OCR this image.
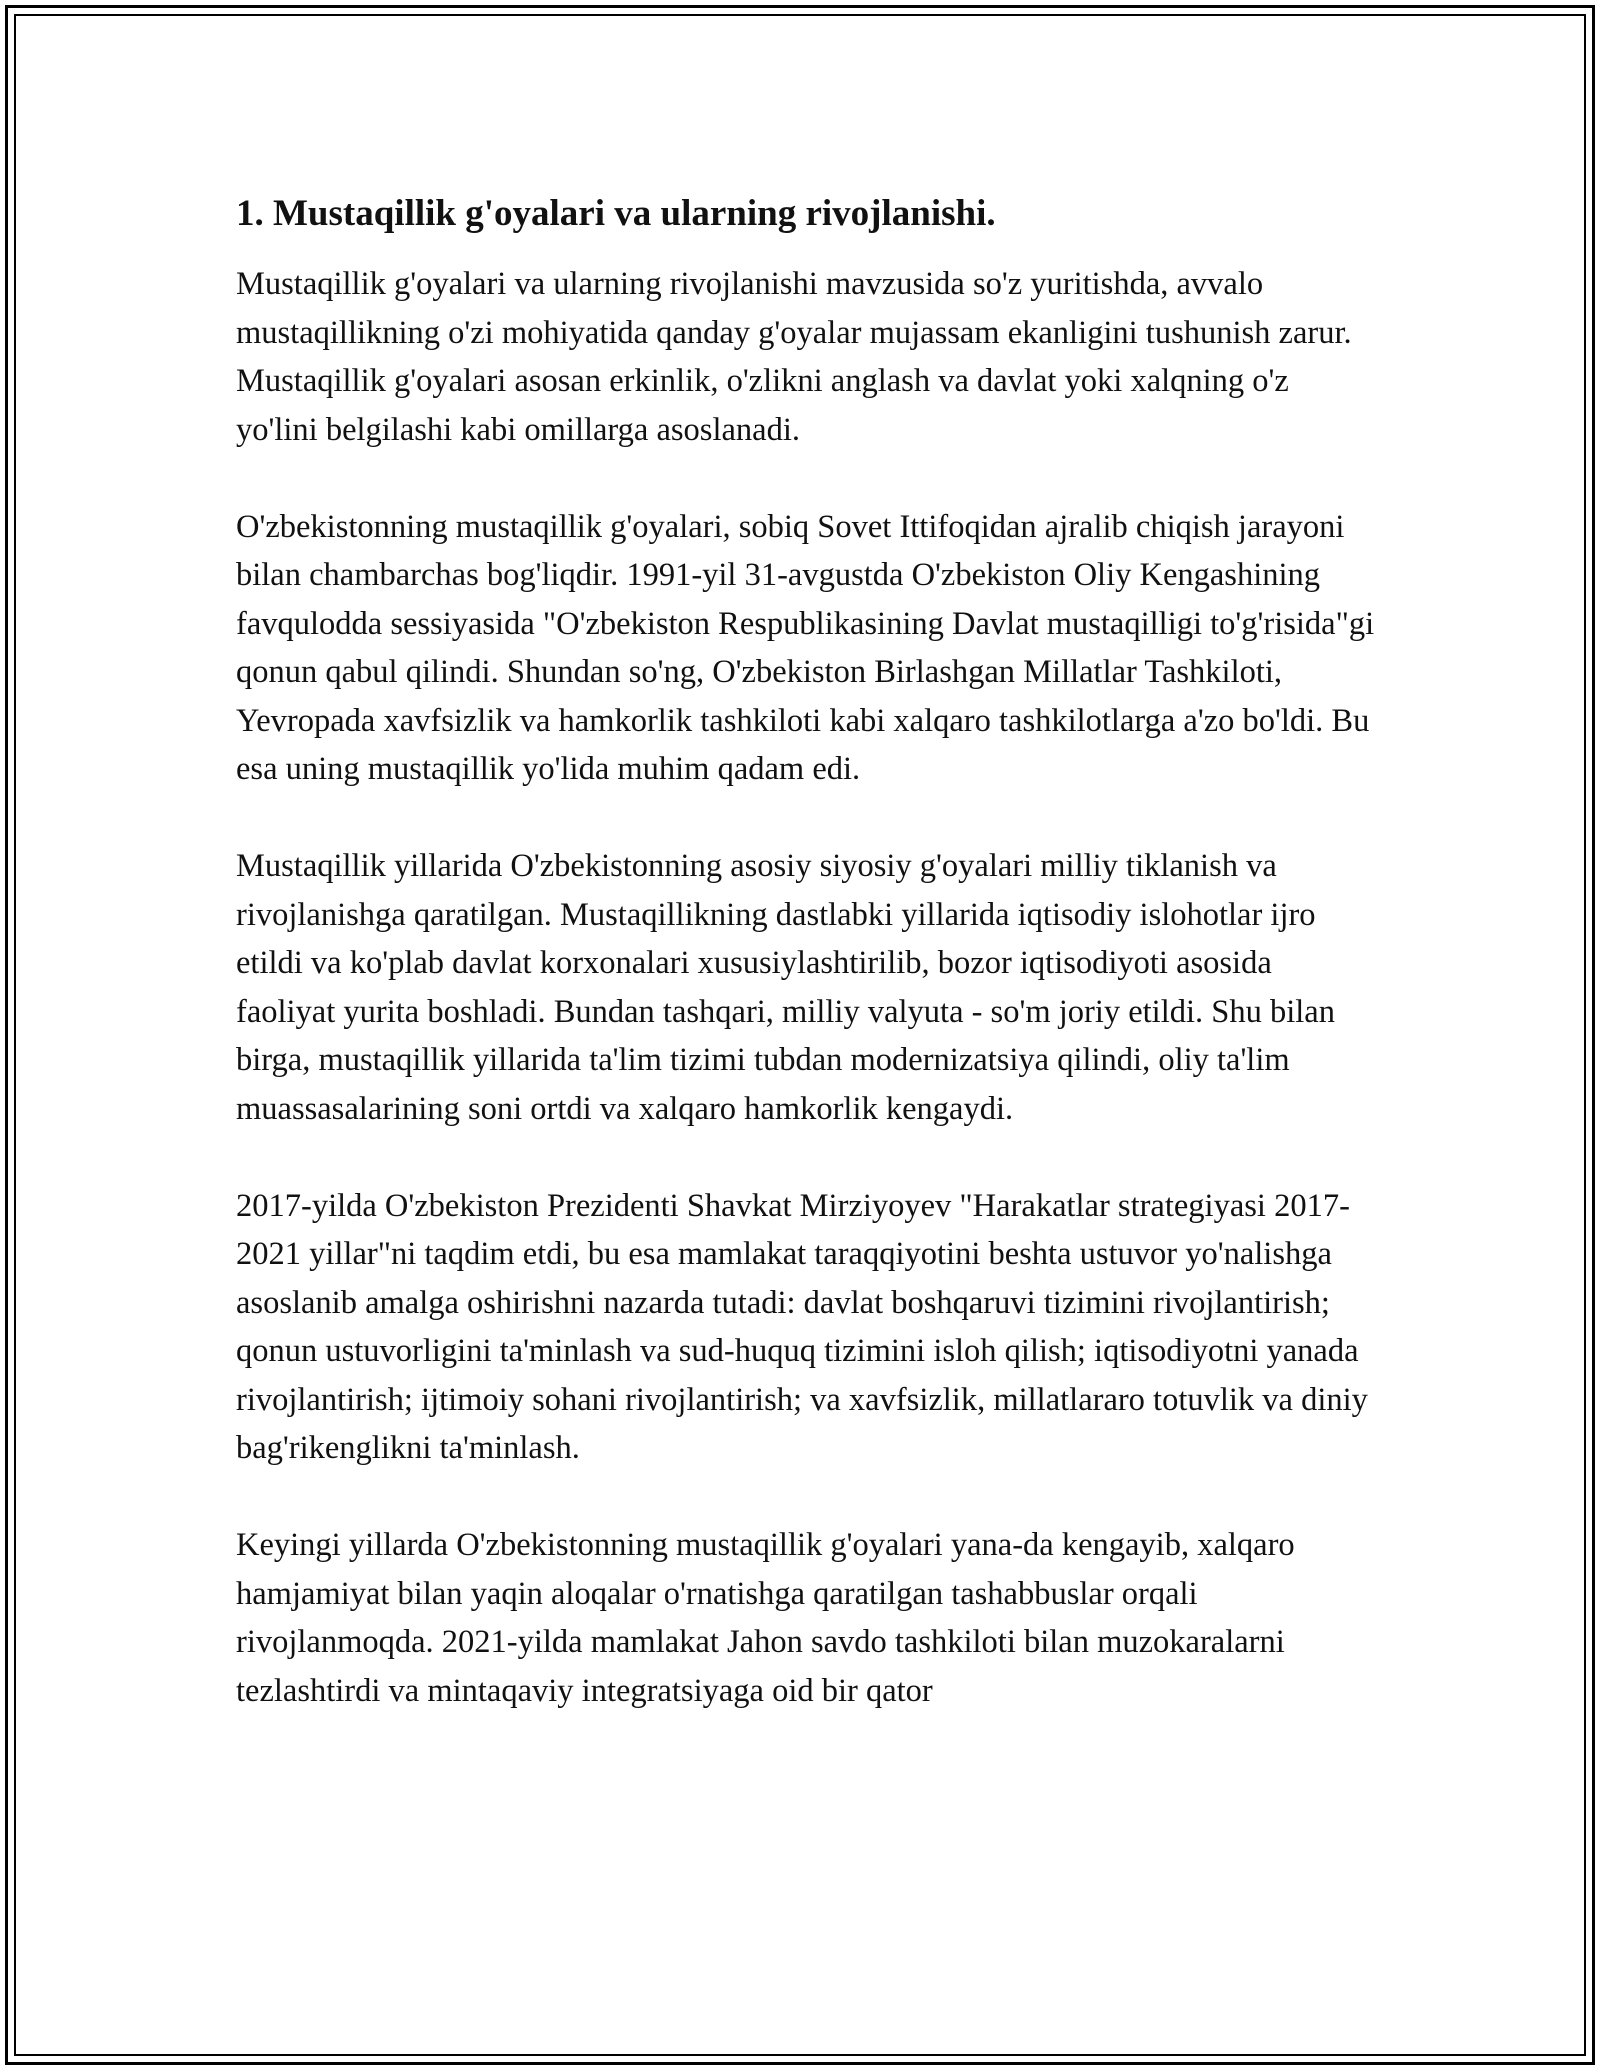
1. Mustaqillik g'oyalari va ularning rivojlanishi.

Mustaqillik g'oyalari va ularning rivojlanishi mavzusida so'z yuritishda, avvalo mustaqillikning o'zi mohiyatida qanday g'oyalar mujassam ekanligini tushunish zarur. Mustaqillik g'oyalari asosan erkinlik, o'zlikni anglash va davlat yoki xalqning o'z yo'lini belgilashi kabi omillarga asoslanadi.

O'zbekistonning mustaqillik g'oyalari, sobiq Sovet Ittifoqidan ajralib chiqish jarayoni bilan chambarchas bog'liqdir. 1991-yil 31-avgustda O'zbekiston Oliy Kengashining favqulodda sessiyasida "O'zbekiston Respublikasining Davlat mustaqilligi to'g'risida"gi qonun qabul qilindi. Shundan so'ng, O'zbekiston Birlashgan Millatlar Tashkiloti, Yevropada xavfsizlik va hamkorlik tashkiloti kabi xalqaro tashkilotlarga a'zo bo'ldi. Bu esa uning mustaqillik yo'lida muhim qadam edi.

Mustaqillik yillarida O'zbekistonning asosiy siyosiy g'oyalari milliy tiklanish va rivojlanishga qaratilgan. Mustaqillikning dastlabki yillarida iqtisodiy islohotlar ijro etildi va ko'plab davlat korxonalari xususiylashtirilib, bozor iqtisodiyoti asosida faoliyat yurita boshladi. Bundan tashqari, milliy valyuta - so'm joriy etildi. Shu bilan birga, mustaqillik yillarida ta'lim tizimi tubdan modernizatsiya qilindi, oliy ta'lim muassasalarining soni ortdi va xalqaro hamkorlik kengaydi.

2017-yilda O'zbekiston Prezidenti Shavkat Mirziyoyev "Harakatlar strategiyasi 2017-2021 yillar"ni taqdim etdi, bu esa mamlakat taraqqiyotini beshta ustuvor yo'nalishga asoslanib amalga oshirishni nazarda tutadi: davlat boshqaruvi tizimini rivojlantirish; qonun ustuvorligini ta'minlash va sud-huquq tizimini isloh qilish; iqtisodiyotni yanada rivojlantirish; ijtimoiy sohani rivojlantirish; va xavfsizlik, millatlararo totuvlik va diniy bag'rikenglikni ta'minlash.

Keyingi yillarda O'zbekistonning mustaqillik g'oyalari yana-da kengayib, xalqaro hamjamiyat bilan yaqin aloqalar o'rnatishga qaratilgan tashabbuslar orqali rivojlanmoqda. 2021-yilda mamlakat Jahon savdo tashkiloti bilan muzokaralarni tezlashtirdi va mintaqaviy integratsiyaga oid bir qator
